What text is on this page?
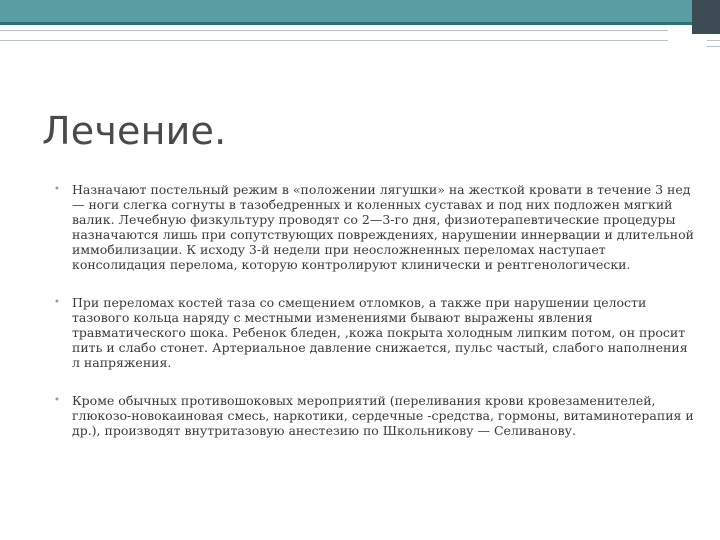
Лечение.
• Назначают постельный режим в «положении лягушки» на жесткой кровати в течение 3 нед — ноги слегка согнуты в тазобедренных и коленных суставах и под них подложен мягкий валик. Лечебную физкультуру проводят со 2—3-го дня, физиотерапевтические процедуры назначаются лишь при сопутствующих повреждениях, нарушении иннервации и длительной иммобилизации. К исходу 3-й недели при неосложненных переломах наступает консолидация перелома, которую контролируют клинически и рентгенологически.
• При переломах костей таза со смещением отломков, а также при нарушении целости тазового кольца наряду с местными изменениями бывают выражены явления травматического шока. Ребенок бледен, ,кожа покрыта холодным липким потом, он просит пить и слабо стонет. Артериальное давление снижается, пульс частый, слабого наполнения л напряжения.
• Кроме обычных противошоковых мероприятий (переливания крови кровезаменителей, глюкозо-новокаиновая смесь, наркотики, сердечные -средства, гормоны, витаминотерапия и др.), производят внутритазовую анестезию по Школьникову — Селиванову.
